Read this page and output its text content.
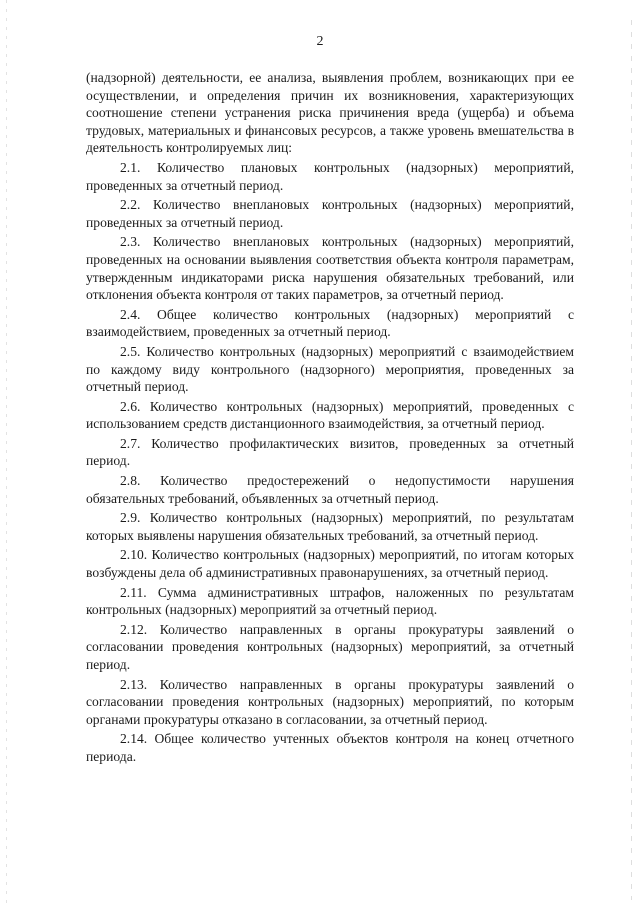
2

(надзорной) деятельности, ее анализа, выявления проблем, возникающих при ее осуществлении, и определения причин их возникновения, характеризующих соотношение степени устранения риска причинения вреда (ущерба) и объема трудовых, материальных и финансовых ресурсов, а также уровень вмешательства в деятельность контролируемых лиц:

2.1. Количество плановых контрольных (надзорных) мероприятий, проведенных за отчетный период.

2.2. Количество внеплановых контрольных (надзорных) мероприятий, проведенных за отчетный период.

2.3. Количество внеплановых контрольных (надзорных) мероприятий, проведенных на основании выявления соответствия объекта контроля параметрам, утвержденным индикаторами риска нарушения обязательных требований, или отклонения объекта контроля от таких параметров, за отчетный период.

2.4. Общее количество контрольных (надзорных) мероприятий с взаимодействием, проведенных за отчетный период.

2.5. Количество контрольных (надзорных) мероприятий с взаимодействием по каждому виду контрольного (надзорного) мероприятия, проведенных за отчетный период.

2.6. Количество контрольных (надзорных) мероприятий, проведенных с использованием средств дистанционного взаимодействия, за отчетный период.

2.7. Количество профилактических визитов, проведенных за отчетный период.

2.8. Количество предостережений о недопустимости нарушения обязательных требований, объявленных за отчетный период.

2.9. Количество контрольных (надзорных) мероприятий, по результатам которых выявлены нарушения обязательных требований, за отчетный период.

2.10. Количество контрольных (надзорных) мероприятий, по итогам которых возбуждены дела об административных правонарушениях, за отчетный период.

2.11. Сумма административных штрафов, наложенных по результатам контрольных (надзорных) мероприятий за отчетный период.

2.12. Количество направленных в органы прокуратуры заявлений о согласовании проведения контрольных (надзорных) мероприятий, за отчетный период.

2.13. Количество направленных в органы прокуратуры заявлений о согласовании проведения контрольных (надзорных) мероприятий, по которым органами прокуратуры отказано в согласовании, за отчетный период.

2.14. Общее количество учтенных объектов контроля на конец отчетного периода.
